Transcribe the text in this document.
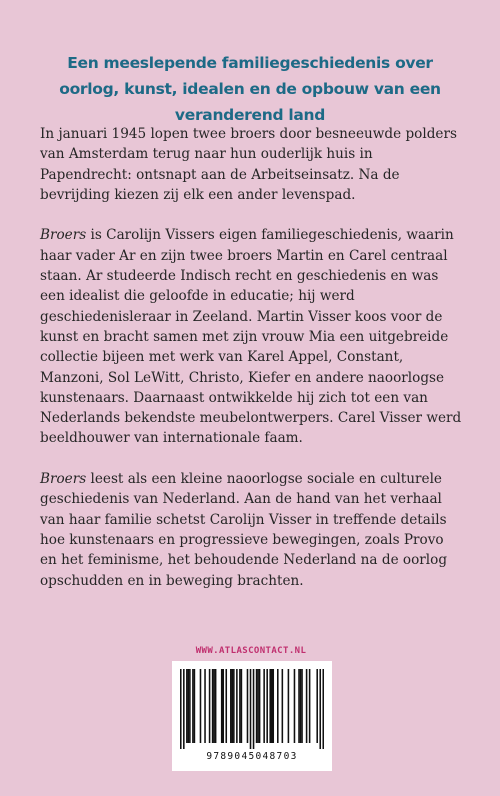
Een meeslepende familiegeschiedenis over oorlog, kunst, idealen en de opbouw van een veranderend land

In januari 1945 lopen twee broers door besneeuwde polders van Amsterdam terug naar hun ouderlijk huis in Papendrecht: ontsnapt aan de Arbeitseinsatz. Na de bevrijding kiezen zij elk een ander levenspad.

Broers is Carolijn Vissers eigen familiegeschiedenis, waarin haar vader Ar en zijn twee broers Martin en Carel centraal staan. Ar studeerde Indisch recht en geschiedenis en was een idealist die geloofde in educatie; hij werd geschiedenisleraar in Zeeland. Martin Visser koos voor de kunst en bracht samen met zijn vrouw Mia een uitgebreide collectie bijeen met werk van Karel Appel, Constant, Manzoni, Sol LeWitt, Christo, Kiefer en andere naoorlogse kunstenaars. Daarnaast ontwikkelde hij zich tot een van Nederlands bekendste meubelontwerpers. Carel Visser werd beeldhouwer van internationale faam.

Broers leest als een kleine naoorlogse sociale en culturele geschiedenis van Nederland. Aan de hand van het verhaal van haar familie schetst Carolijn Visser in treffende details hoe kunstenaars en progressieve bewegingen, zoals Provo en het feminisme, het behoudende Nederland na de oorlog opschudden en in beweging brachten.

WWW.ATLASCONTACT.NL
9789045048703
